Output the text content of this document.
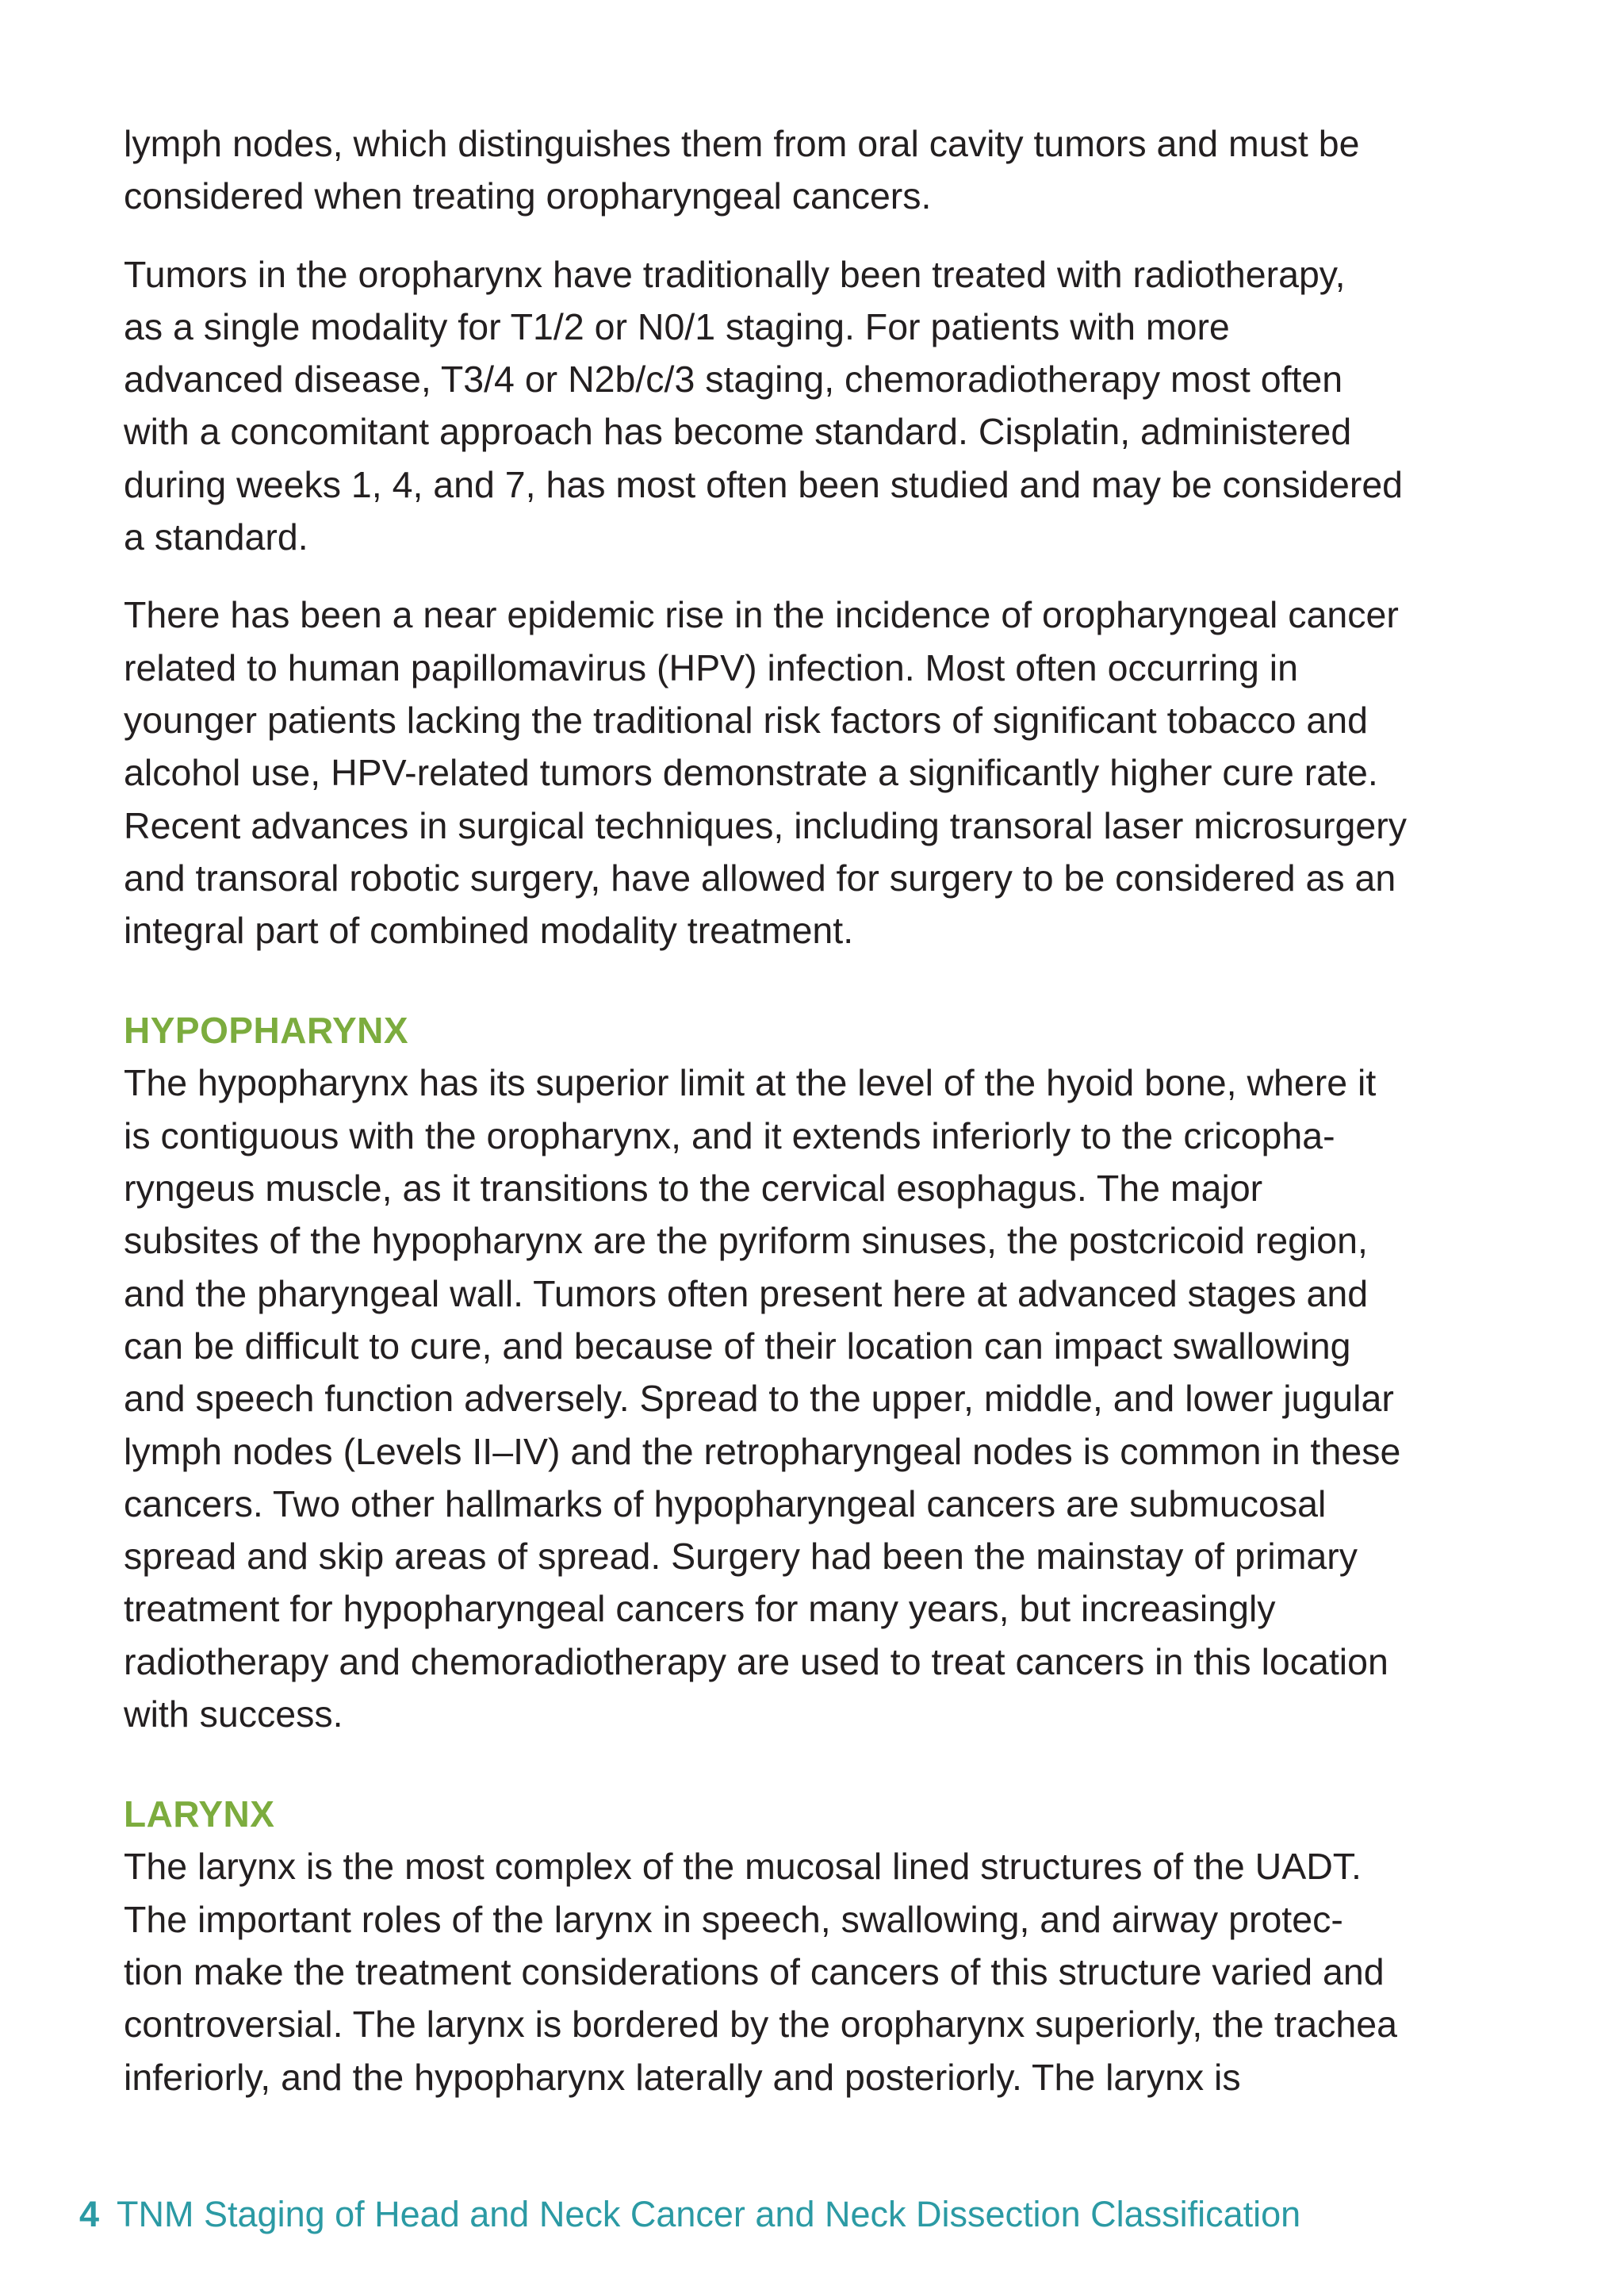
lymph nodes, which distinguishes them from oral cavity tumors and must be
considered when treating oropharyngeal cancers.

Tumors in the oropharynx have traditionally been treated with radiotherapy,
as a single modality for T1/2 or N0/1 staging. For patients with more
advanced disease, T3/4 or N2b/c/3 staging, chemoradiotherapy most often
with a concomitant approach has become standard. Cisplatin, administered
during weeks 1, 4, and 7, has most often been studied and may be considered
a standard.

There has been a near epidemic rise in the incidence of oropharyngeal cancer
related to human papillomavirus (HPV) infection. Most often occurring in
younger patients lacking the traditional risk factors of significant tobacco and
alcohol use, HPV-related tumors demonstrate a significantly higher cure rate.
Recent advances in surgical techniques, including transoral laser microsurgery
and transoral robotic surgery, have allowed for surgery to be considered as an
integral part of combined modality treatment.

HYPOPHARYNX

The hypopharynx has its superior limit at the level of the hyoid bone, where it
is contiguous with the oropharynx, and it extends inferiorly to the cricopha-
ryngeus muscle, as it transitions to the cervical esophagus. The major
subsites of the hypopharynx are the pyriform sinuses, the postcricoid region,
and the pharyngeal wall. Tumors often present here at advanced stages and
can be difficult to cure, and because of their location can impact swallowing
and speech function adversely. Spread to the upper, middle, and lower jugular
lymph nodes (Levels II–IV) and the retropharyngeal nodes is common in these
cancers. Two other hallmarks of hypopharyngeal cancers are submucosal
spread and skip areas of spread. Surgery had been the mainstay of primary
treatment for hypopharyngeal cancers for many years, but increasingly
radiotherapy and chemoradiotherapy are used to treat cancers in this location
with success.

LARYNX

The larynx is the most complex of the mucosal lined structures of the UADT.
The important roles of the larynx in speech, swallowing, and airway protec-
tion make the treatment considerations of cancers of this structure varied and
controversial. The larynx is bordered by the oropharynx superiorly, the trachea
inferiorly, and the hypopharynx laterally and posteriorly. The larynx is

4 TNM Staging of Head and Neck Cancer and Neck Dissection Classification
